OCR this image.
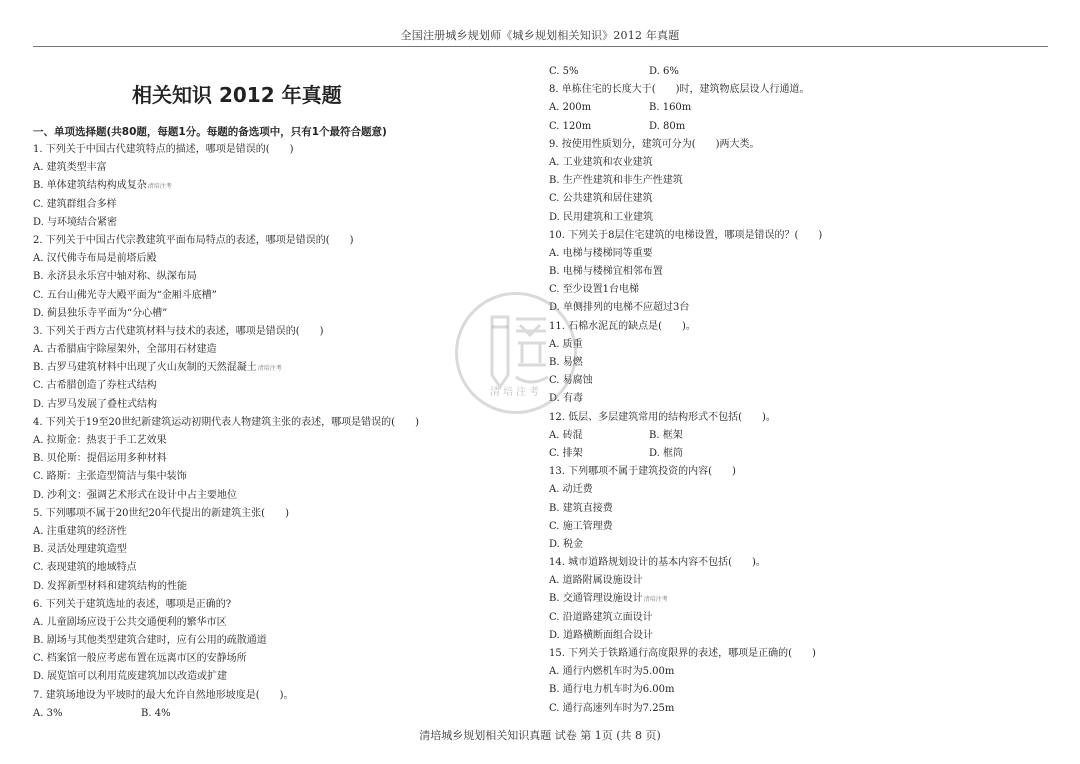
全国注册城乡规划师《城乡规划相关知识》2012 年真题
相关知识 2012 年真题
一、单项选择题(共80题，每题1分。每题的备选项中，只有1个最符合题意)
1. 下列关于中国古代建筑特点的描述，哪项是错误的(　　)
A. 建筑类型丰富
B. 单体建筑结构构成复杂清培注考
C. 建筑群组合多样
D. 与环境结合紧密
2. 下列关于中国古代宗教建筑平面布局特点的表述，哪项是错误的(　　)
A. 汉代佛寺布局是前塔后殿
B. 永济县永乐宫中轴对称、纵深布局
C. 五台山佛光寺大殿平面为“金厢斗底槽”
D. 蓟县独乐寺平面为“分心槽”
3. 下列关于西方古代建筑材料与技术的表述，哪项是错误的(　　)
A. 古希腊庙宇除屋架外，全部用石材建造
B. 古罗马建筑材料中出现了火山灰制的天然混凝土清培注考
C. 古希腊创造了券柱式结构
D. 古罗马发展了叠柱式结构
4. 下列关于19至20世纪新建筑运动初期代表人物建筑主张的表述，哪项是错误的(　　)
A. 拉斯金：热衷于手工艺效果
B. 贝伦斯：提倡运用多种材料
C. 路斯：主张造型简洁与集中装饰
D. 沙利文：强调艺术形式在设计中占主要地位
5. 下列哪项不属于20世纪20年代提出的新建筑主张(　　)
A. 注重建筑的经济性
B. 灵活处理建筑造型
C. 表现建筑的地域特点
D. 发挥新型材料和建筑结构的性能
6. 下列关于建筑选址的表述，哪项是正确的?
A. 儿童剧场应设于公共交通便利的繁华市区
B. 剧场与其他类型建筑合建时，应有公用的疏散通道
C. 档案馆一般应考虑布置在远离市区的安静场所
D. 展览馆可以利用荒废建筑加以改造或扩建
7. 建筑场地设为平坡时的最大允许自然地形坡度是(　　)。
A. 3%	B. 4%
C. 5%	D. 6%
8. 单栋住宅的长度大于(　　)时，建筑物底层设人行通道。
A. 200m	B. 160m
C. 120m	D. 80m
9. 按使用性质划分，建筑可分为(　　)两大类。
A. 工业建筑和农业建筑
B. 生产性建筑和非生产性建筑
C. 公共建筑和居住建筑
D. 民用建筑和工业建筑
10. 下列关于8层住宅建筑的电梯设置，哪项是错误的？(　　)
A. 电梯与楼梯同等重要
B. 电梯与楼梯宜相邻布置
C. 至少设置1台电梯
D. 单侧排列的电梯不应超过3台
11. 石棉水泥瓦的缺点是(　　)。
A. 质重
B. 易燃
C. 易腐蚀
D. 有毒
12. 低层、多层建筑常用的结构形式不包括(　　)。
A. 砖混	B. 框架
C. 排架	D. 框筒
13. 下列哪项不属于建筑投资的内容(　　)
A. 动迁费
B. 建筑直接费
C. 施工管理费
D. 税金
14. 城市道路规划设计的基本内容不包括(　　)。
A. 道路附属设施设计
B. 交通管理设施设计清培注考
C. 沿道路建筑立面设计
D. 道路横断面组合设计
15. 下列关于铁路通行高度限界的表述，哪项是正确的(　　)
A. 通行内燃机车时为5.00m
B. 通行电力机车时为6.00m
C. 通行高速列车时为7.25m
清培注考
清培城乡规划相关知识真题 试卷 第 1页 (共 8 页)
